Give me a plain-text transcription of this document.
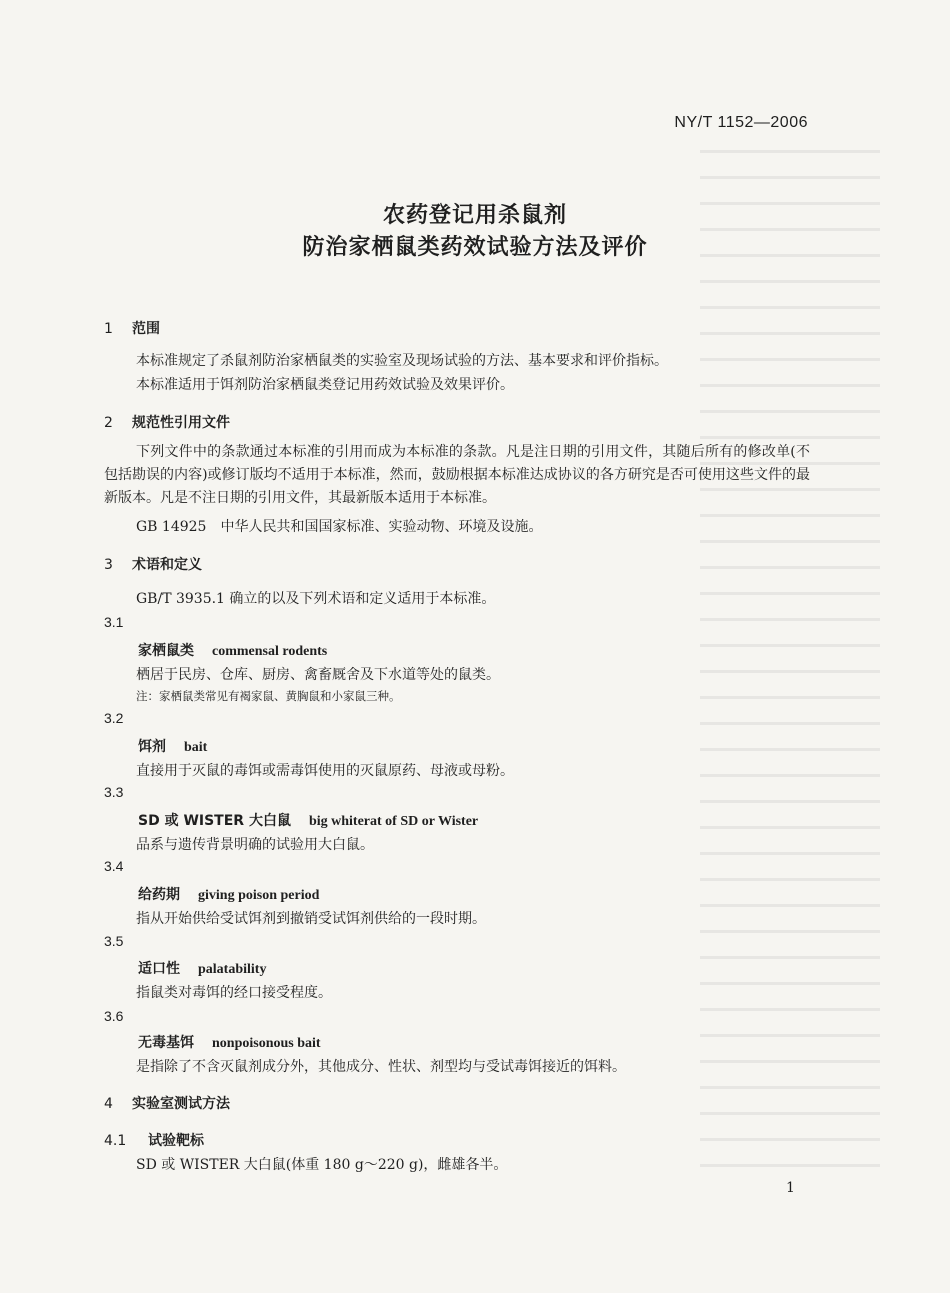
NY/T 1152—2006
农药登记用杀鼠剂
防治家栖鼠类药效试验方法及评价
1 范围
本标准规定了杀鼠剂防治家栖鼠类的实验室及现场试验的方法、基本要求和评价指标。
本标准适用于饵剂防治家栖鼠类登记用药效试验及效果评价。
2 规范性引用文件
下列文件中的条款通过本标准的引用而成为本标准的条款。凡是注日期的引用文件，其随后所有的修改单(不包括勘误的内容)或修订版均不适用于本标准，然而，鼓励根据本标准达成协议的各方研究是否可使用这些文件的最新版本。凡是不注日期的引用文件，其最新版本适用于本标准。
GB 14925　中华人民共和国国家标准、实验动物、环境及设施。
3 术语和定义
GB/T 3935.1 确立的以及下列术语和定义适用于本标准。
3.1
家栖鼠类 commensal rodents
栖居于民房、仓库、厨房、禽畜厩舍及下水道等处的鼠类。
注：家栖鼠类常见有褐家鼠、黄胸鼠和小家鼠三种。
3.2
饵剂 bait
直接用于灭鼠的毒饵或需毒饵使用的灭鼠原药、母液或母粉。
3.3
SD 或 WISTER 大白鼠 big whiterat of SD or Wister
品系与遗传背景明确的试验用大白鼠。
3.4
给药期 giving poison period
指从开始供给受试饵剂到撤销受试饵剂供给的一段时期。
3.5
适口性 palatability
指鼠类对毒饵的经口接受程度。
3.6
无毒基饵 nonpoisonous bait
是指除了不含灭鼠剂成分外，其他成分、性状、剂型均与受试毒饵接近的饵料。
4 实验室测试方法
4.1 试验靶标
SD 或 WISTER 大白鼠(体重 180 g～220 g)，雌雄各半。
1
